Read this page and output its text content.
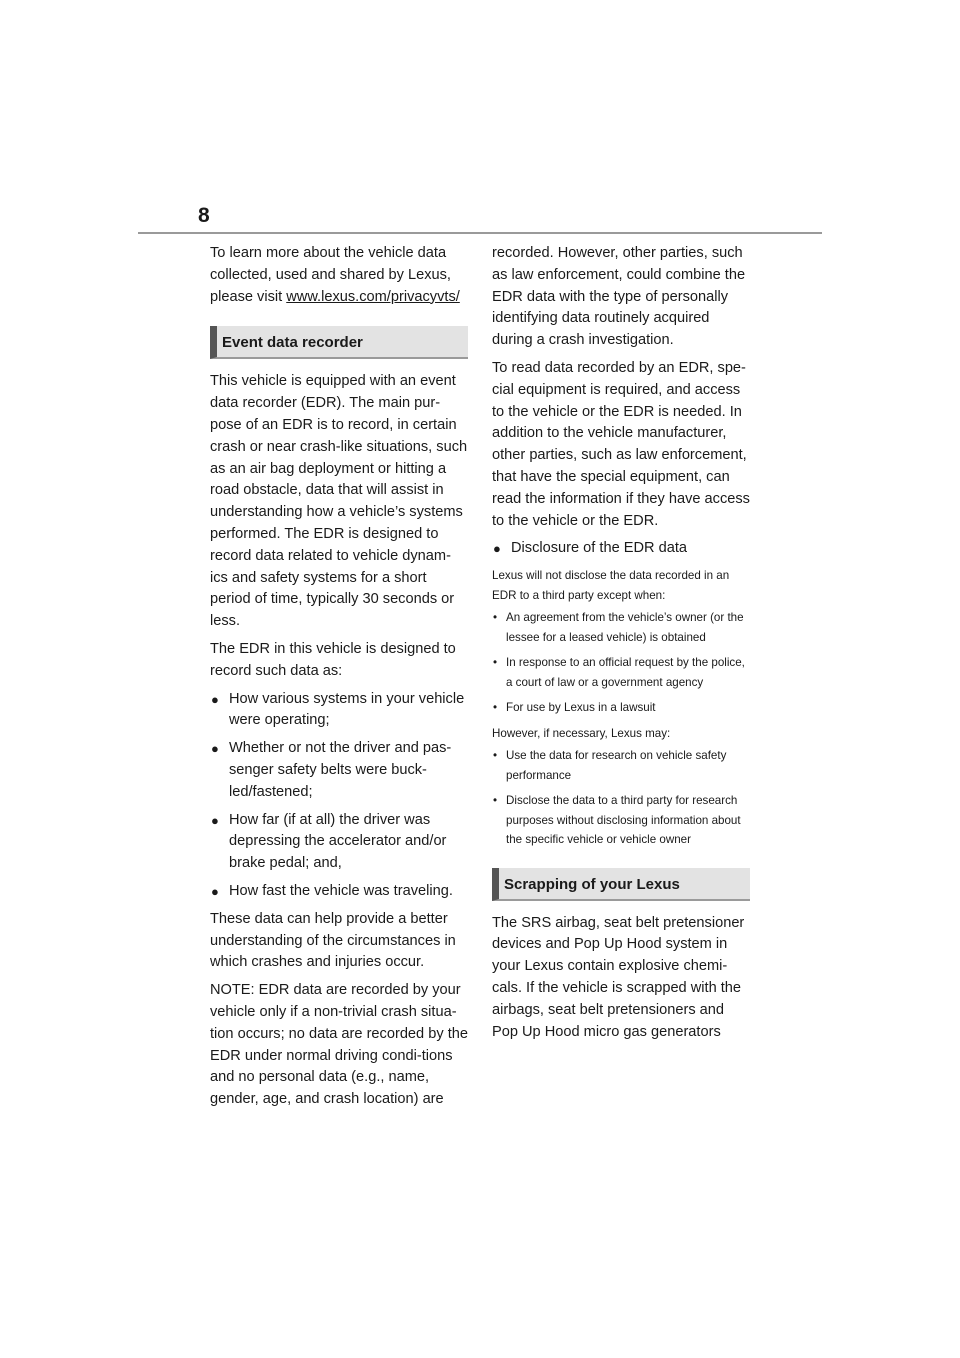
8

To learn more about the vehicle data collected, used and shared by Lexus, please visit www.lexus.com/privacyvts/

Event data recorder

This vehicle is equipped with an event data recorder (EDR). The main pur-pose of an EDR is to record, in certain crash or near crash-like situations, such as an air bag deployment or hitting a road obstacle, data that will assist in understanding how a vehicle’s systems performed. The EDR is designed to record data related to vehicle dynam-ics and safety systems for a short period of time, typically 30 seconds or less.

The EDR in this vehicle is designed to record such data as:

● How various systems in your vehicle were operating;
● Whether or not the driver and pas-senger safety belts were buck-led/fastened;
● How far (if at all) the driver was depressing the accelerator and/or brake pedal; and,
● How fast the vehicle was traveling.

These data can help provide a better understanding of the circumstances in which crashes and injuries occur.

NOTE: EDR data are recorded by your vehicle only if a non-trivial crash situa-tion occurs; no data are recorded by the EDR under normal driving condi-tions and no personal data (e.g., name, gender, age, and crash location) are

recorded. However, other parties, such as law enforcement, could combine the EDR data with the type of personally identifying data routinely acquired during a crash investigation.

To read data recorded by an EDR, spe-cial equipment is required, and access to the vehicle or the EDR is needed. In addition to the vehicle manufacturer, other parties, such as law enforcement, that have the special equipment, can read the information if they have access to the vehicle or the EDR.

● Disclosure of the EDR data

Lexus will not disclose the data recorded in an EDR to a third party except when:

• An agreement from the vehicle’s owner (or the lessee for a leased vehicle) is obtained
• In response to an official request by the police, a court of law or a government agency
• For use by Lexus in a lawsuit

However, if necessary, Lexus may:

• Use the data for research on vehicle safety performance
• Disclose the data to a third party for research purposes without disclosing information about the specific vehicle or vehicle owner
Scrapping of your Lexus

The SRS airbag, seat belt pretensioner devices and Pop Up Hood system in your Lexus contain explosive chemi-cals. If the vehicle is scrapped with the airbags, seat belt pretensioners and Pop Up Hood micro gas generators
